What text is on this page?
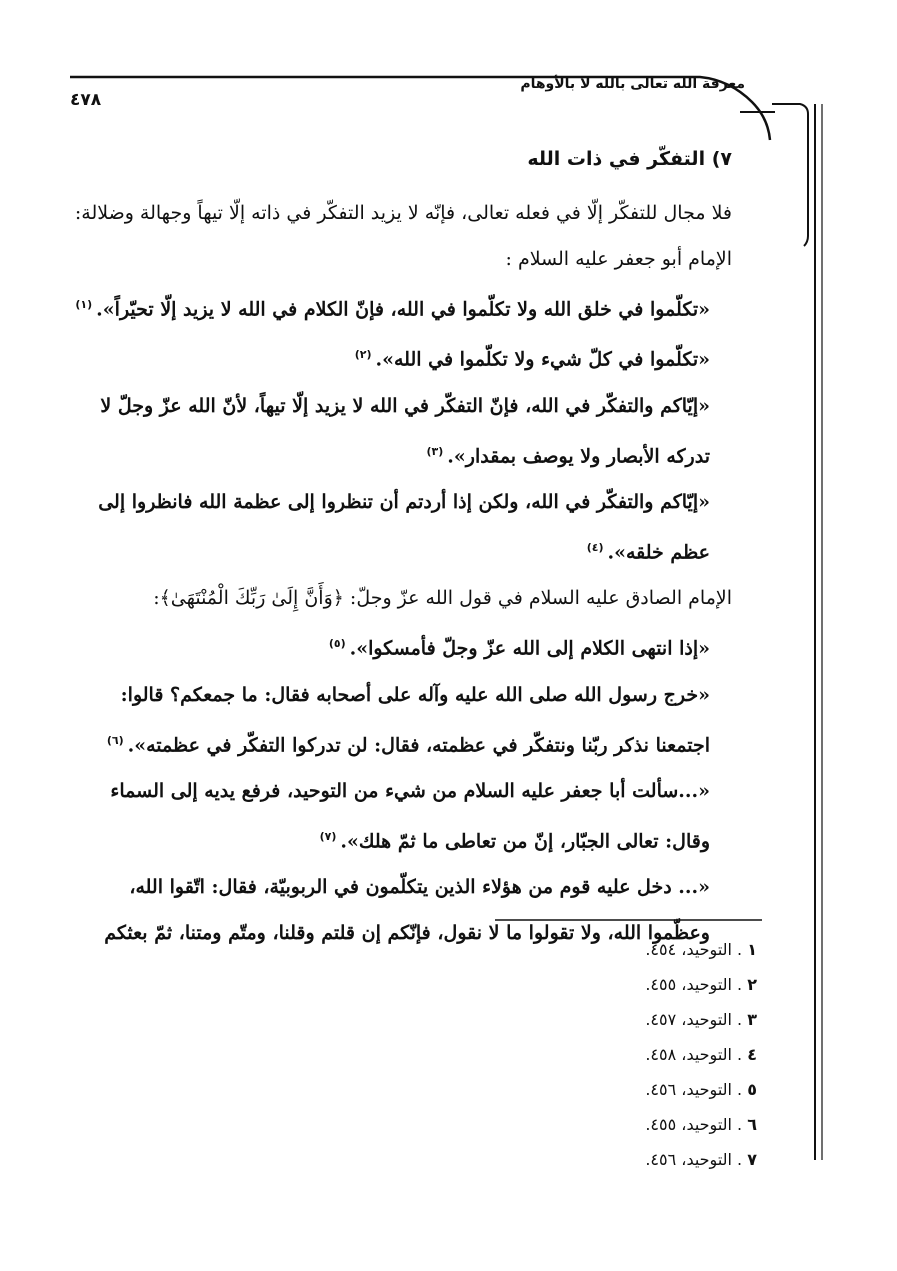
معرفة الله تعالى بالله لا بالأوهام
٤٧٨
٧) التفكّر في ذات الله

فلا مجال للتفكّر إلّا في فعله تعالى، فإنّه لا يزيد التفكّر في ذاته إلّا تيهاً وجهالة وضلالة:

الإمام أبو جعفر عليه السلام :

«تكلّموا في خلق الله ولا تكلّموا في الله، فإنّ الكلام في الله لا يزيد إلّا تحيّراً».$^{(١)}$

«تكلّموا في كلّ شيء ولا تكلّموا في الله».$^{(٢)}$

«إيّاكم والتفكّر في الله، فإنّ التفكّر في الله لا يزيد إلّا تيهاً، لأنّ الله عزّ وجلّ لا تدركه الأبصار ولا يوصف بمقدار».$^{(٣)}$

«إيّاكم والتفكّر في الله، ولكن إذا أردتم أن تنظروا إلى عظمة الله فانظروا إلى عظم خلقه».$^{(٤)}$

الإمام الصادق عليه السلام في قول الله عزّ وجلّ: ﴿وَأَنَّ إِلَىٰ رَبِّكَ الْمُنْتَهَىٰ﴾:

«إذا انتهى الكلام إلى الله عزّ وجلّ فأمسكوا».$^{(٥)}$

«خرج رسول الله صلى الله عليه وآله على أصحابه فقال: ما جمعكم؟ قالوا: اجتمعنا نذكر ربّنا ونتفكّر في عظمته، فقال: لن تدركوا التفكّر في عظمته».$^{(٦)}$

«...سألت أبا جعفر عليه السلام من شيء من التوحيد، فرفع يديه إلى السماء وقال: تعالى الجبّار، إنّ من تعاطى ما ثمّ هلك».$^{(٧)}$

«... دخل عليه قوم من هؤلاء الذين يتكلّمون في الربوبيّة، فقال: اتّقوا الله، وعظّموا الله، ولا تقولوا ما لا نقول، فإنّكم إن قلتم وقلنا، ومتّم ومتنا، ثمّ بعثكم

١ . التوحيد، ٤٥٤.
٢ . التوحيد، ٤٥٥.
٣ . التوحيد، ٤٥٧.
٤ . التوحيد، ٤٥٨.
٥ . التوحيد، ٤٥٦.
٦ . التوحيد، ٤٥٥.
٧ . التوحيد، ٤٥٦.
